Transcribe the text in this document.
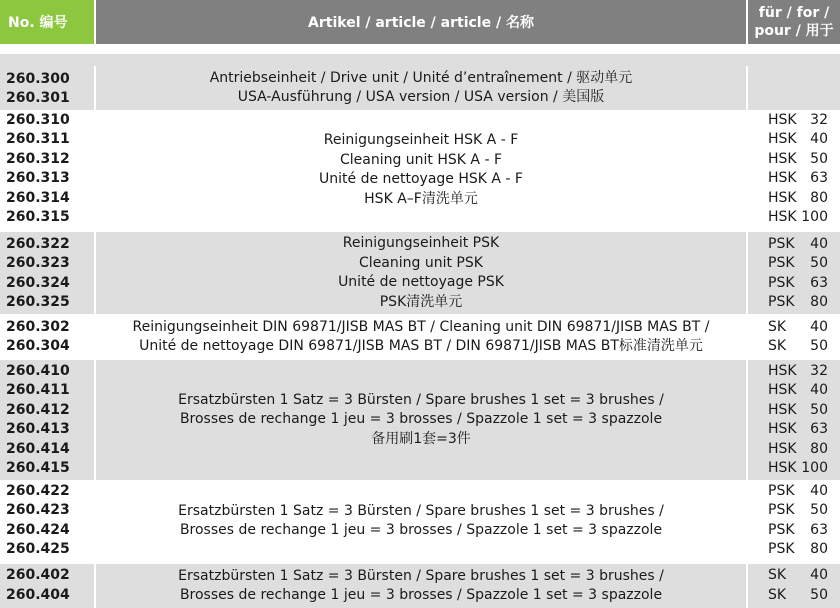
No. 编号	Artikel / article / article / 名称
für / for /
pour / 用于
260.300
260.301
Antriebseinheit / Drive unit / Unité d’entraînement / 驱动单元
USA-Ausführung / USA version / USA version / 美国版
260.310
260.311
260.312
260.313
260.314
260.315
Reinigungseinheit HSK A - F
Cleaning unit HSK A - F
Unité de nettoyage HSK A - F
HSK A–F清洗单元
HSK 32
HSK 40
HSK 50
HSK 63
HSK 80
HSK 100
260.322
260.323
260.324
260.325
Reinigungseinheit PSK
Cleaning unit PSK
Unité de nettoyage PSK
PSK清洗单元
PSK 40
PSK 50
PSK 63
PSK 80
260.302
260.304
Reinigungseinheit DIN 69871/JISB MAS BT / Cleaning unit DIN 69871/JISB MAS BT /
Unité de nettoyage DIN 69871/JISB MAS BT / DIN 69871/JISB MAS BT标准清洗单元
SK 40
SK 50
260.410
260.411
260.412
260.413
260.414
260.415
Ersatzbürsten 1 Satz = 3 Bürsten / Spare brushes 1 set = 3 brushes /
Brosses de rechange 1 jeu = 3 brosses / Spazzole 1 set = 3 spazzole
备用刷1套=3件
HSK 32
HSK 40
HSK 50
HSK 63
HSK 80
HSK 100
260.422
260.423
260.424
260.425
Ersatzbürsten 1 Satz = 3 Bürsten / Spare brushes 1 set = 3 brushes /
Brosses de rechange 1 jeu = 3 brosses / Spazzole 1 set = 3 spazzole
PSK 40
PSK 50
PSK 63
PSK 80
260.402
260.404
Ersatzbürsten 1 Satz = 3 Bürsten / Spare brushes 1 set = 3 brushes /
Brosses de rechange 1 jeu = 3 brosses / Spazzole 1 set = 3 spazzole
SK 40
SK 50
